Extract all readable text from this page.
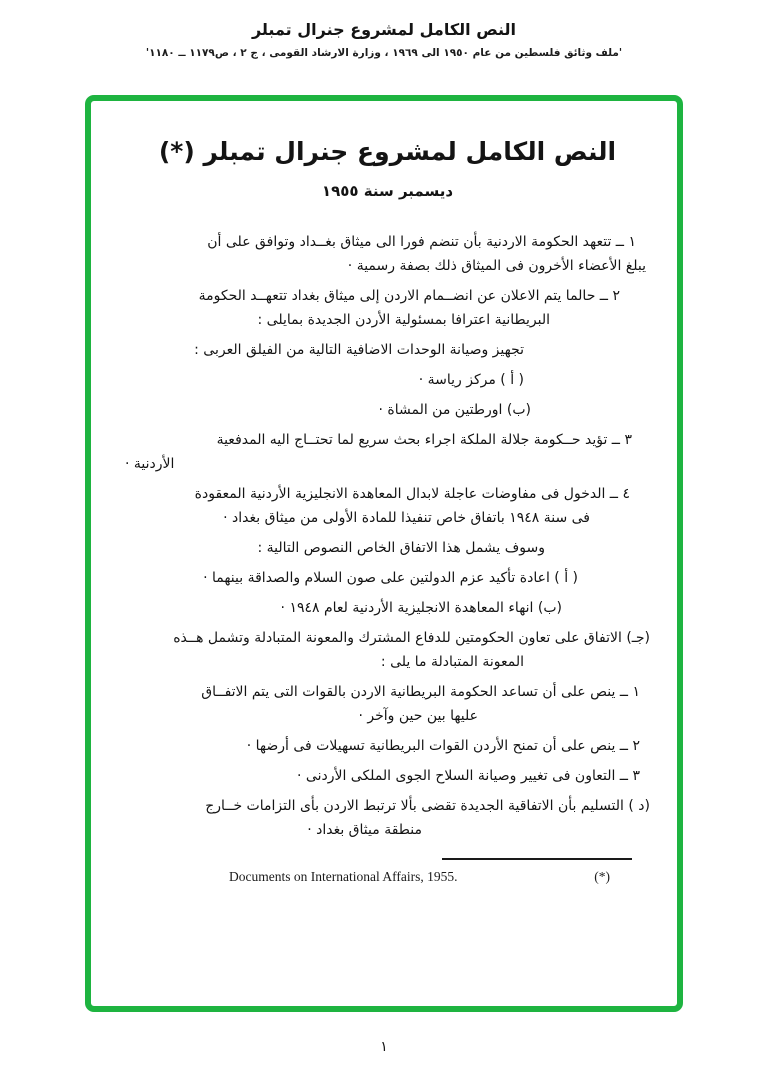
النص الكامل لمشروع جنرال تمبلر
'ملف وثائق فلسطين من عام ١٩٥٠ الى ١٩٦٩ ، وزارة الارشاد القومى ، ج ٢ ، ص١١٧٩ ــ ١١٨٠'
النص الكامل لمشروع جنرال تمبلر (*)
ديسمبر سنة ١٩٥٥
١ ــ تتعهد الحكومة الاردنية بأن تنضم فورا الى ميثاق بغــداد وتوافق على أن
يبلغ الأعضاء الأخرون فى الميثاق ذلك بصفة رسمية ·
٢ ــ حالما يتم الاعلان عن انضــمام الاردن إلى ميثاق بغداد تتعهــد الحكومة
البريطانية اعترافا بمسئولية الأردن الجديدة بمايلى :
تجهيز وصيانة الوحدات الاضافية التالية من الفيلق العربى :
( أ ) مركز رياسة ·
(ب) اورطتين من المشاة ·
٣ ــ تؤيد حــكومة جلالة الملكة اجراء بحث سريع لما تحتــاج اليه المدفعية
الأردنية ·
٤ ــ الدخول فى مفاوضات عاجلة لابدال المعاهدة الانجليزية الأردنية المعقودة
فى سنة ١٩٤٨ باتفاق خاص تنفيذا للمادة الأولى من ميثاق بغداد ·
وسوف يشمل هذا الاتفاق الخاص النصوص التالية :
( أ ) اعادة تأكيد عزم الدولتين على صون السلام والصداقة بينهما ·
(ب) انهاء المعاهدة الانجليزية الأردنية لعام ١٩٤٨ ·
(جـ) الاتفاق على تعاون الحكومتين للدفاع المشترك والمعونة المتبادلة وتشمل هــذه
المعونة المتبادلة ما يلى :
١ ــ ينص على أن تساعد الحكومة البريطانية الاردن بالقوات التى يتم الاتفــاق
عليها بين حين وآخر ·
٢ ــ ينص على أن تمنح الأردن القوات البريطانية تسهيلات فى أرضها ·
٣ ــ التعاون فى تغيير وصيانة السلاح الجوى الملكى الأردنى ·
(د ) التسليم بأن الاتفاقية الجديدة تقضى بألا ترتبط الاردن بأى التزامات خــارج
منطقة ميثاق بغداد ·
Documents on International Affairs, 1955.	(*)
١
